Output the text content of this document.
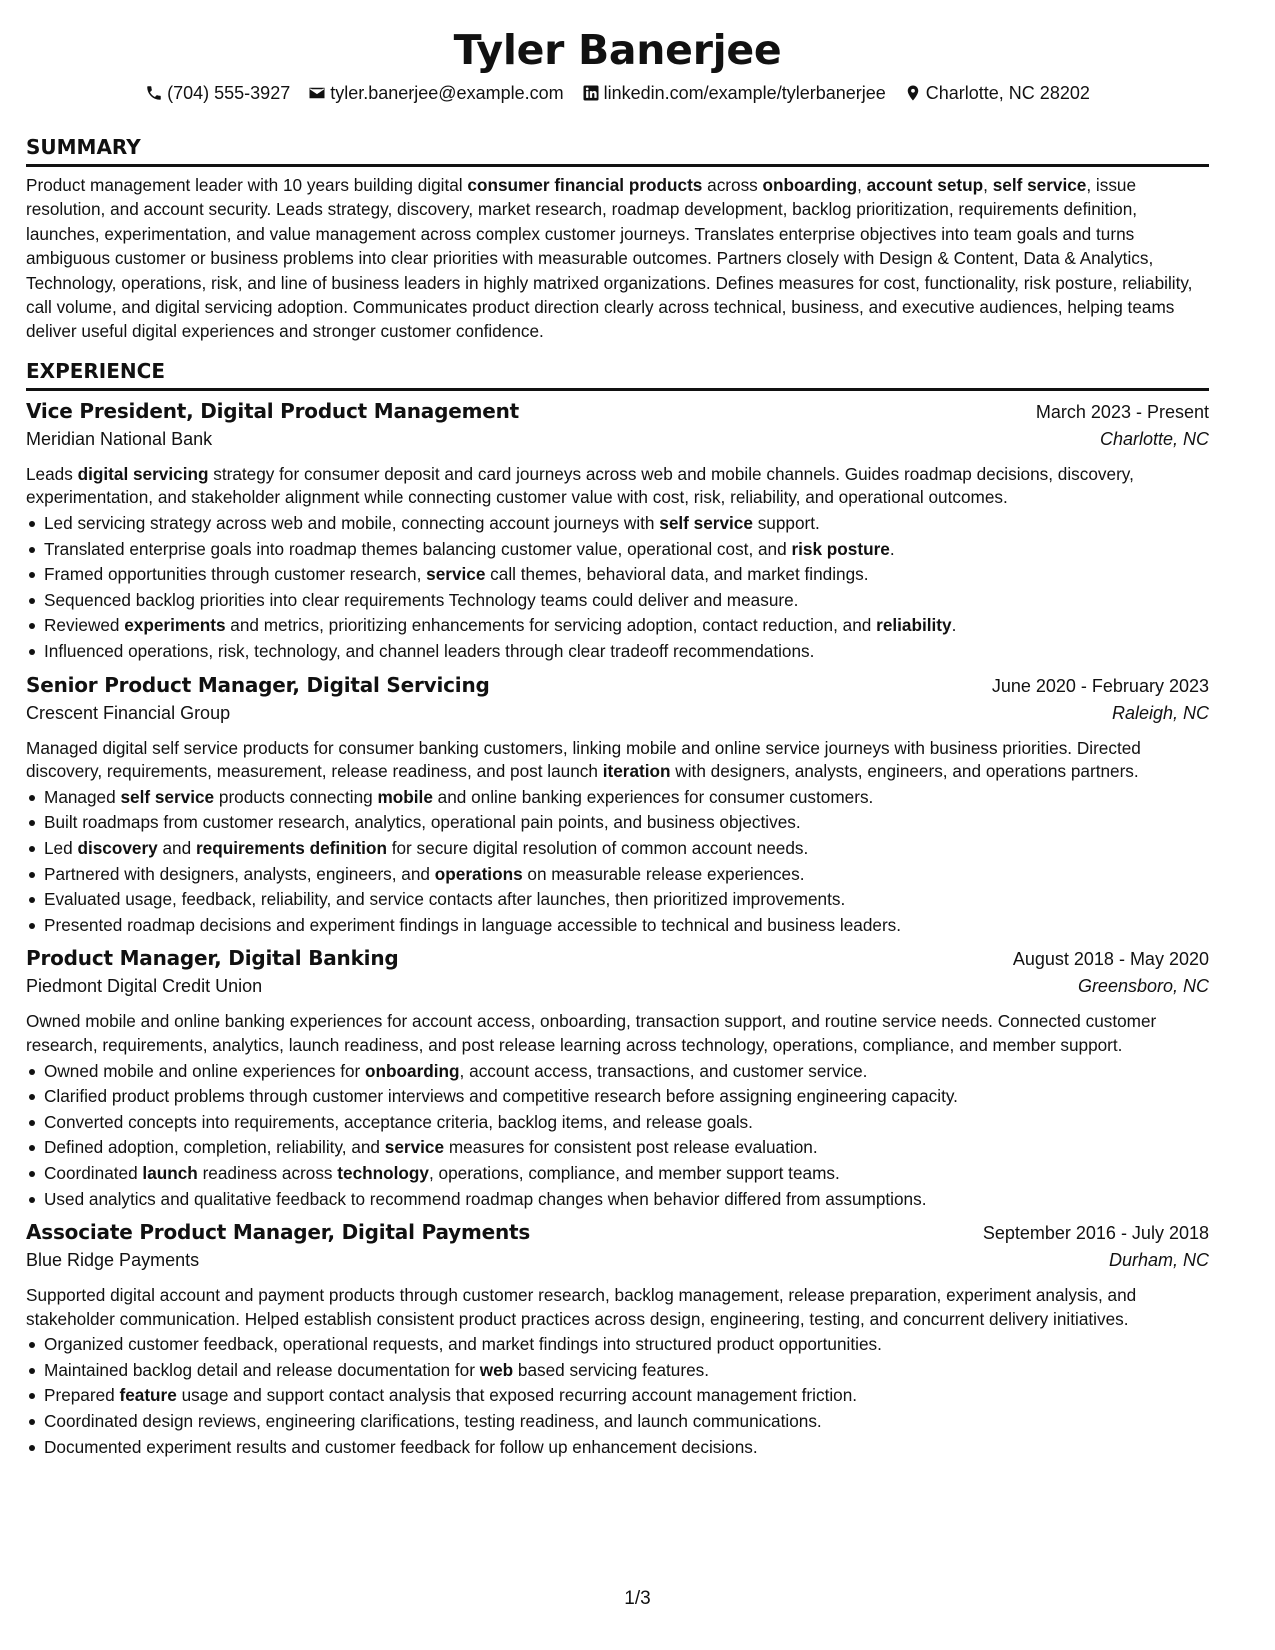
Tyler Banerjee
(704) 555-3927 tyler.banerjee@example.com linkedin.com/example/tylerbanerjee Charlotte, NC 28202
SUMMARY

Product management leader with 10 years building digital consumer financial products across onboarding, account setup, self service, issue resolution, and account security. Leads strategy, discovery, market research, roadmap development, backlog prioritization, requirements definition, launches, experimentation, and value management across complex customer journeys. Translates enterprise objectives into team goals and turns ambiguous customer or business problems into clear priorities with measurable outcomes. Partners closely with Design & Content, Data & Analytics, Technology, operations, risk, and line of business leaders in highly matrixed organizations. Defines measures for cost, functionality, risk posture, reliability, call volume, and digital servicing adoption. Communicates product direction clearly across technical, business, and executive audiences, helping teams deliver useful digital experiences and stronger customer confidence.

EXPERIENCE
Vice President, Digital Product Management	March 2023 - Present
Meridian National Bank	Charlotte, NC

Leads digital servicing strategy for consumer deposit and card journeys across web and mobile channels. Guides roadmap decisions, discovery, experimentation, and stakeholder alignment while connecting customer value with cost, risk, reliability, and operational outcomes.

Led servicing strategy across web and mobile, connecting account journeys with self service support.
Translated enterprise goals into roadmap themes balancing customer value, operational cost, and risk posture.
Framed opportunities through customer research, service call themes, behavioral data, and market findings.
Sequenced backlog priorities into clear requirements Technology teams could deliver and measure.
Reviewed experiments and metrics, prioritizing enhancements for servicing adoption, contact reduction, and reliability.
Influenced operations, risk, technology, and channel leaders through clear tradeoff recommendations.
Senior Product Manager, Digital Servicing	June 2020 - February 2023
Crescent Financial Group	Raleigh, NC

Managed digital self service products for consumer banking customers, linking mobile and online service journeys with business priorities. Directed discovery, requirements, measurement, release readiness, and post launch iteration with designers, analysts, engineers, and operations partners.

Managed self service products connecting mobile and online banking experiences for consumer customers.
Built roadmaps from customer research, analytics, operational pain points, and business objectives.
Led discovery and requirements definition for secure digital resolution of common account needs.
Partnered with designers, analysts, engineers, and operations on measurable release experiences.
Evaluated usage, feedback, reliability, and service contacts after launches, then prioritized improvements.
Presented roadmap decisions and experiment findings in language accessible to technical and business leaders.
Product Manager, Digital Banking	August 2018 - May 2020
Piedmont Digital Credit Union	Greensboro, NC

Owned mobile and online banking experiences for account access, onboarding, transaction support, and routine service needs. Connected customer research, requirements, analytics, launch readiness, and post release learning across technology, operations, compliance, and member support.

Owned mobile and online experiences for onboarding, account access, transactions, and customer service.
Clarified product problems through customer interviews and competitive research before assigning engineering capacity.
Converted concepts into requirements, acceptance criteria, backlog items, and release goals.
Defined adoption, completion, reliability, and service measures for consistent post release evaluation.
Coordinated launch readiness across technology, operations, compliance, and member support teams.
Used analytics and qualitative feedback to recommend roadmap changes when behavior differed from assumptions.
Associate Product Manager, Digital Payments	September 2016 - July 2018
Blue Ridge Payments	Durham, NC

Supported digital account and payment products through customer research, backlog management, release preparation, experiment analysis, and stakeholder communication. Helped establish consistent product practices across design, engineering, testing, and concurrent delivery initiatives.

Organized customer feedback, operational requests, and market findings into structured product opportunities.
Maintained backlog detail and release documentation for web based servicing features.
Prepared feature usage and support contact analysis that exposed recurring account management friction.
Coordinated design reviews, engineering clarifications, testing readiness, and launch communications.
Documented experiment results and customer feedback for follow up enhancement decisions.
1/3
